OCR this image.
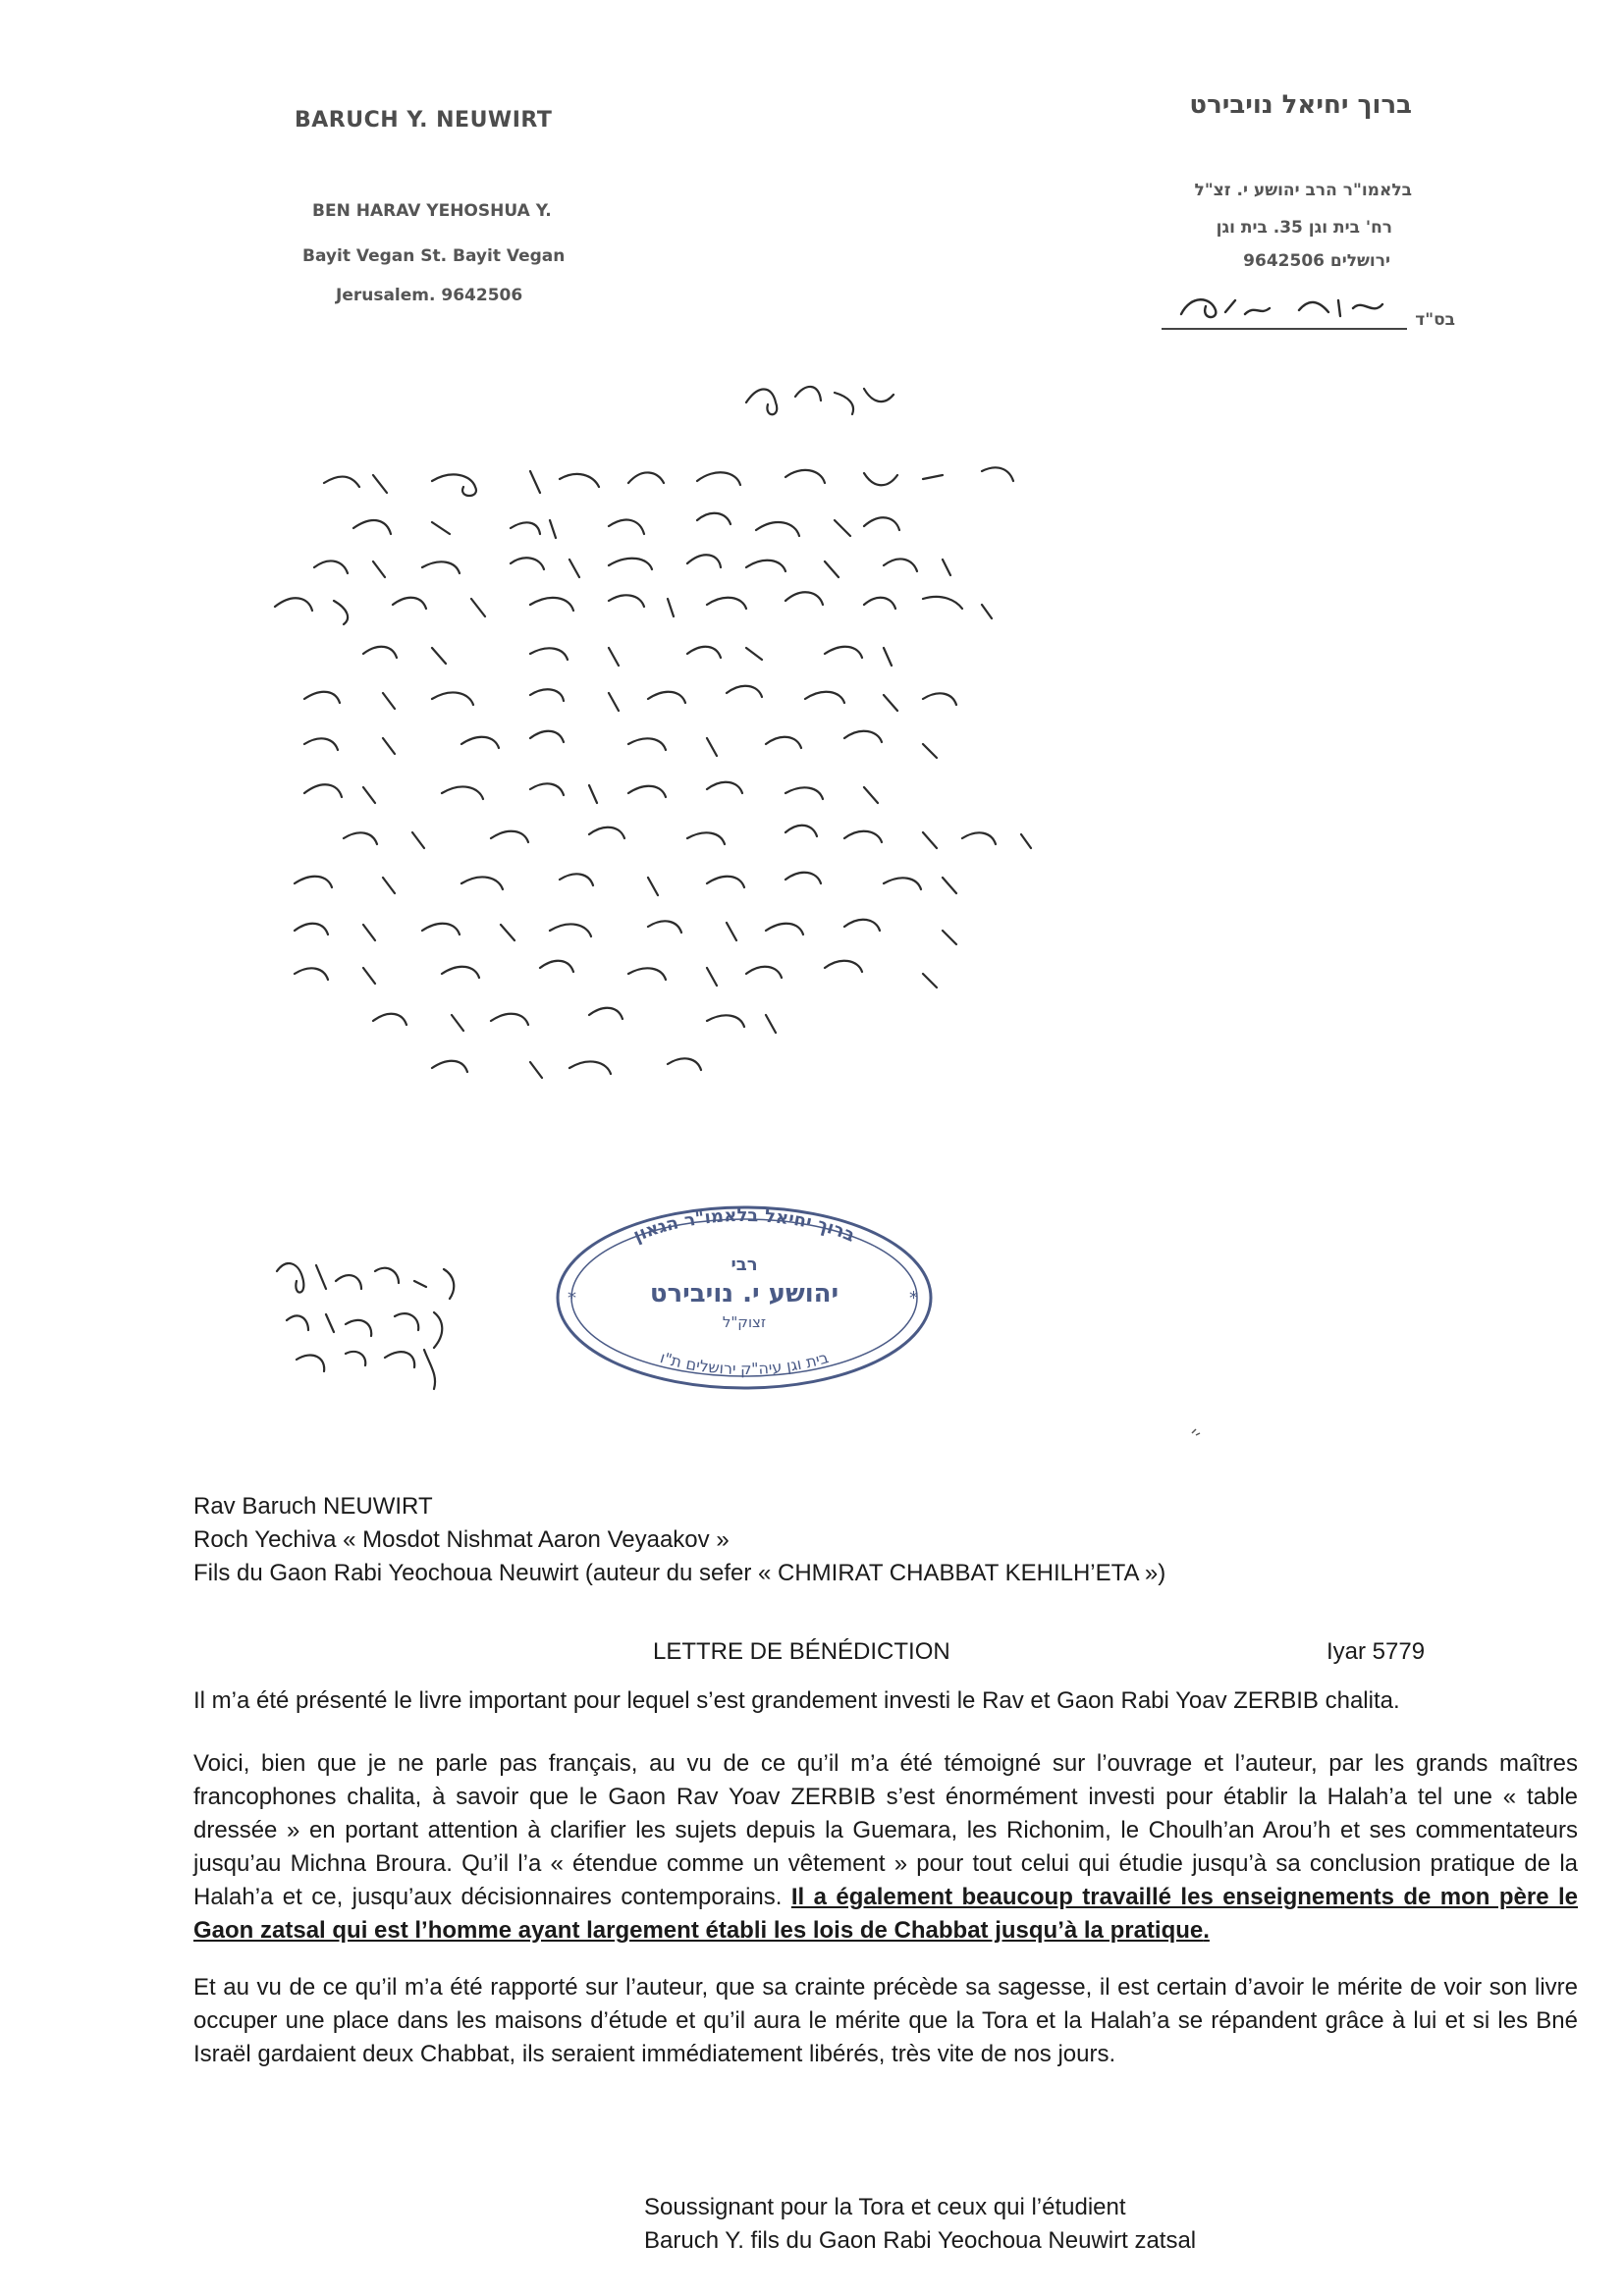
BARUCH Y. NEUWIRT
BEN HARAV YEHOSHUA Y.
Bayit Vegan St. Bayit Vegan
Jerusalem. 9642506
ברוך יחיאל נויבירט
בלאמו"ר הרב יהושע י. זצ"ל
רח' בית וגן 35. בית וגן
ירושלים 9642506
בס"ד
ברוך יחיאל בלאמו"ר הגאון
בית וגן עיה"ק ירושלים ת"ו
רבי
יהושע י. נויבירט
זצוק"ל
*	*
Rav Baruch NEUWIRT
Roch Yechiva « Mosdot Nishmat Aaron Veyaakov »
Fils du Gaon Rabi Yeochoua Neuwirt (auteur du sefer « CHMIRAT CHABBAT KEHILH’ETA »)
LETTRE DE BÉNÉDICTION	Iyar 5779
Il m’a été présenté le livre important pour lequel s’est grandement investi le Rav et Gaon Rabi Yoav ZERBIB chalita.
Voici, bien que je ne parle pas français, au vu de ce qu’il m’a été témoigné sur l’ouvrage et l’auteur, par les grands maîtres francophones chalita, à savoir que le Gaon Rav Yoav ZERBIB s’est énormément investi pour établir la Halah’a tel une « table dressée » en portant attention à clarifier les sujets depuis la Guemara, les Richonim, le Choulh’an Arou’h et ses commentateurs jusqu’au Michna Broura. Qu’il l’a « étendue comme un vêtement » pour tout celui qui étudie jusqu’à sa conclusion pratique de la Halah’a et ce, jusqu’aux décisionnaires contemporains. Il a également beaucoup travaillé les enseignements de mon père le Gaon zatsal qui est l’homme ayant largement établi les lois de Chabbat jusqu’à la pratique.
Et au vu de ce qu’il m’a été rapporté sur l’auteur, que sa crainte précède sa sagesse, il est certain d’avoir le mérite de voir son livre occuper une place dans les maisons d’étude et qu’il aura le mérite que la Tora et la Halah’a se répandent grâce à lui et si les Bné Israël gardaient deux Chabbat, ils seraient immédiatement libérés, très vite de nos jours.
Soussignant pour la Tora et ceux qui l’étudient
Baruch Y. fils du Gaon Rabi Yeochoua Neuwirt zatsal
